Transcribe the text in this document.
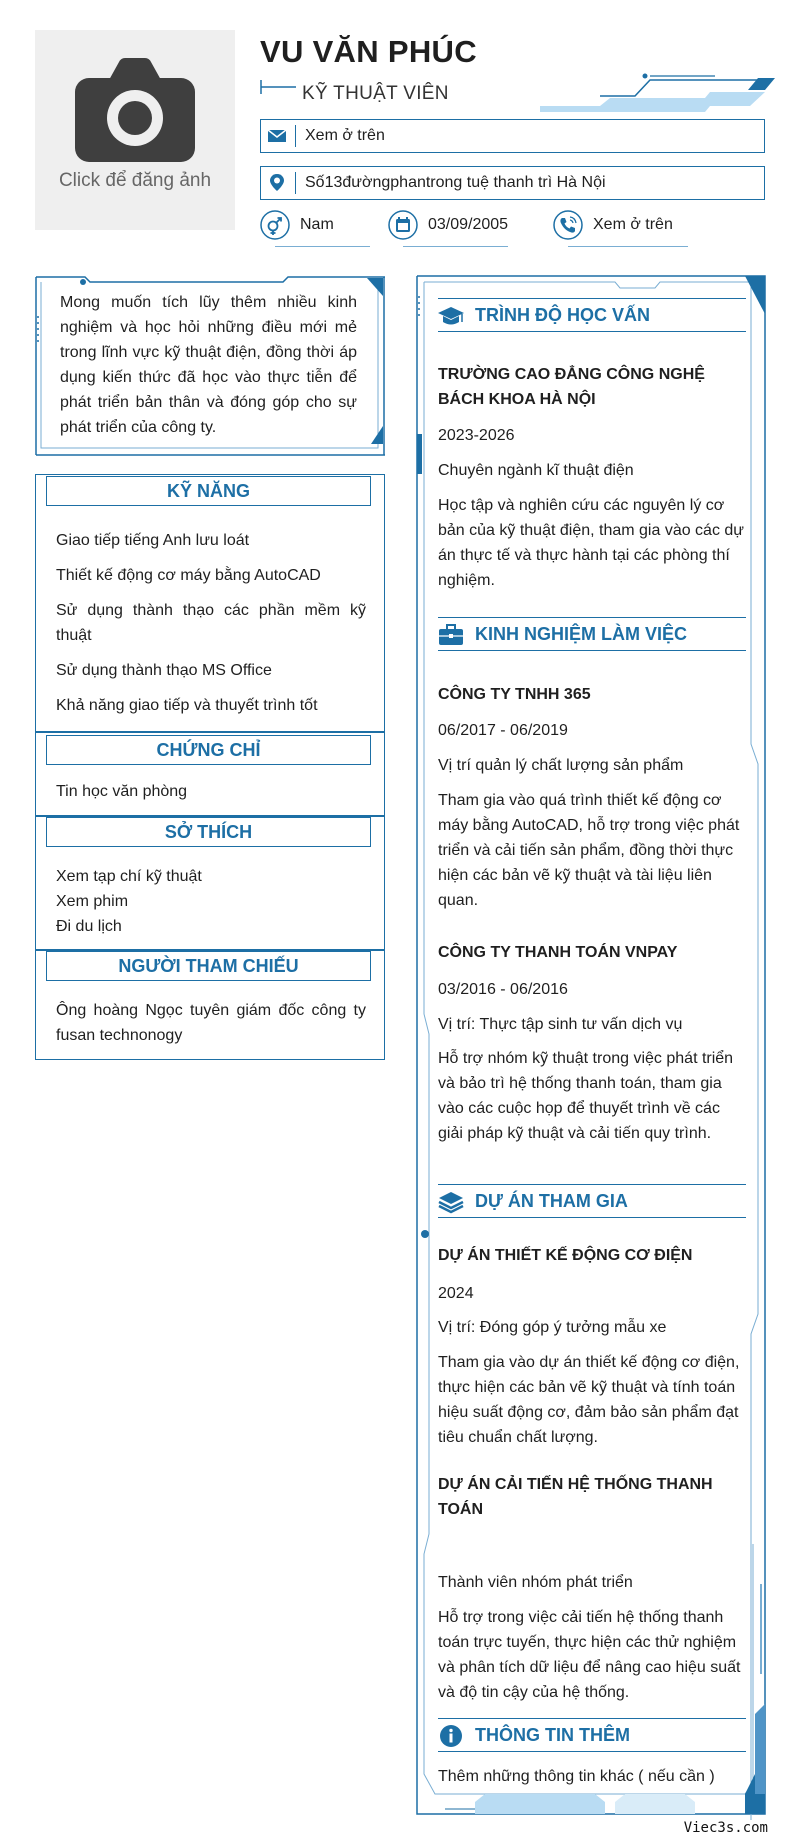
Click để đăng ảnh
VU VĂN PHÚC
KỸ THUẬT VIÊN
Xem ở trên
Số13đườngphantrong tuệ thanh trì Hà Nội
Nam	03/09/2005	Xem ở trên
Mong muốn tích lũy thêm nhiều kinh nghiệm và học hỏi những điều mới mẻ trong lĩnh vực kỹ thuật điện, đồng thời áp dụng kiến thức đã học vào thực tiễn để phát triển bản thân và đóng góp cho sự phát triển của công ty.
KỸ NĂNG
Giao tiếp tiếng Anh lưu loát
Thiết kế động cơ máy bằng AutoCAD
Sử dụng thành thạo các phần mềm kỹ thuật
Sử dụng thành thạo MS Office
Khả năng giao tiếp và thuyết trình tốt
CHỨNG CHỈ
Tin học văn phòng
SỞ THÍCH
Xem tạp chí kỹ thuật
Xem phim
Đi du lịch
NGƯỜI THAM CHIẾU
Ông hoàng Ngọc tuyên giám đốc công ty fusan technonogy
TRÌNH ĐỘ HỌC VẤN
TRƯỜNG CAO ĐẲNG CÔNG NGHỆ BÁCH KHOA HÀ NỘI
2023-2026
Chuyên ngành kĩ thuật điện
Học tập và nghiên cứu các nguyên lý cơ bản của kỹ thuật điện, tham gia vào các dự án thực tế và thực hành tại các phòng thí nghiệm.
KINH NGHIỆM LÀM VIỆC
CÔNG TY TNHH 365
06/2017 - 06/2019
Vị trí quản lý chất lượng sản phẩm
Tham gia vào quá trình thiết kế động cơ máy bằng AutoCAD, hỗ trợ trong việc phát triển và cải tiến sản phẩm, đồng thời thực hiện các bản vẽ kỹ thuật và tài liệu liên quan.
CÔNG TY THANH TOÁN VNPAY
03/2016 - 06/2016
Vị trí: Thực tập sinh tư vấn dịch vụ
Hỗ trợ nhóm kỹ thuật trong việc phát triển và bảo trì hệ thống thanh toán, tham gia vào các cuộc họp để thuyết trình về các giải pháp kỹ thuật và cải tiến quy trình.
DỰ ÁN THAM GIA
DỰ ÁN THIẾT KẾ ĐỘNG CƠ ĐIỆN
2024
Vị trí: Đóng góp ý tưởng mẫu xe
Tham gia vào dự án thiết kế động cơ điện, thực hiện các bản vẽ kỹ thuật và tính toán hiệu suất động cơ, đảm bảo sản phẩm đạt tiêu chuẩn chất lượng.
DỰ ÁN CẢI TIẾN HỆ THỐNG THANH TOÁN
Thành viên nhóm phát triển
Hỗ trợ trong việc cải tiến hệ thống thanh toán trực tuyến, thực hiện các thử nghiệm và phân tích dữ liệu để nâng cao hiệu suất và độ tin cậy của hệ thống.
THÔNG TIN THÊM
Thêm những thông tin khác ( nếu cần )
Viec3s.com
